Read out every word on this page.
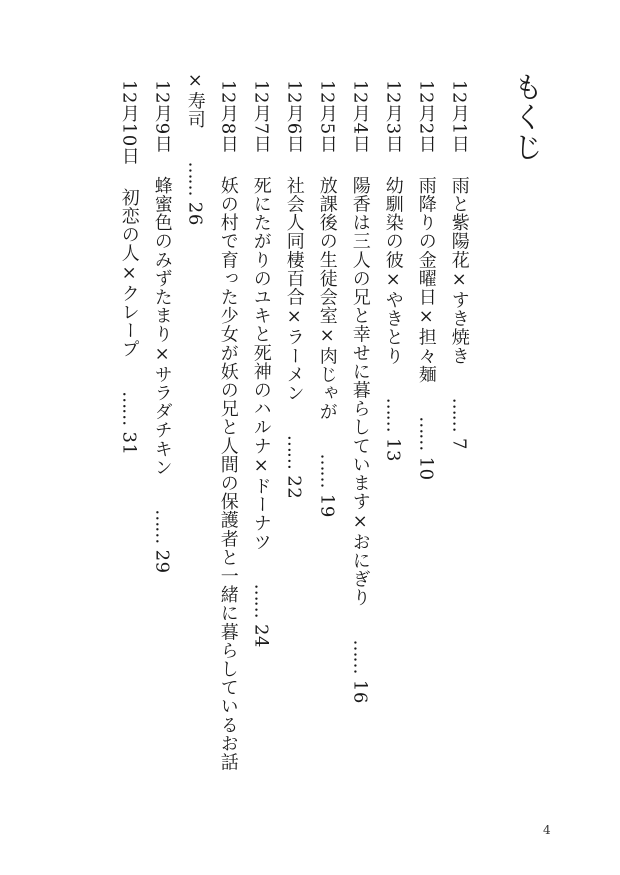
もくじ
12月1日  雨と紫陽花×すき焼き  …… 7
12月2日  雨降りの金曜日×担々麺  …… 10
12月3日  幼馴染の彼×やきとり  …… 13
12月4日  陽香は三人の兄と幸せに暮らしています×おにぎり  …… 16
12月5日  放課後の生徒会室×肉じゃが  …… 19
12月6日  社会人同棲百合×ラーメン  …… 22
12月7日  死にたがりのユキと死神のハルナ×ドーナツ  …… 24
12月8日  妖の村で育った少女が妖の兄と人間の保護者と一緒に暮らしているお話
×寿司  …… 26
12月9日  蜂蜜色のみずたまり×サラダチキン  …… 29
12月10日  初恋の人×クレープ  …… 31
4
